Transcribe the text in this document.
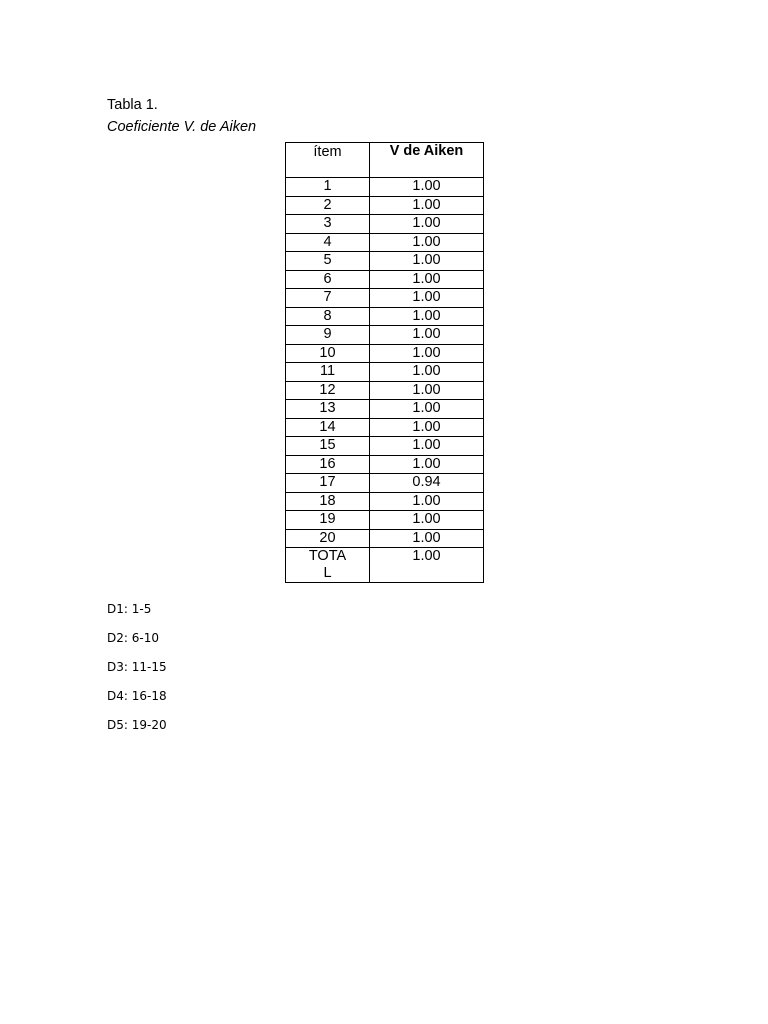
Tabla 1.
Coeficiente V. de Aiken
ítem	V de Aiken

1	1.00
2	1.00
3	1.00
4	1.00
5	1.00
6	1.00
7	1.00
8	1.00
9	1.00
10	1.00
11	1.00
12	1.00
13	1.00
14	1.00
15	1.00
16	1.00
17	0.94
18	1.00
19	1.00
20	1.00
TOTAL	1.00
D1: 1-5
D2: 6-10
D3: 11-15
D4: 16-18
D5: 19-20
